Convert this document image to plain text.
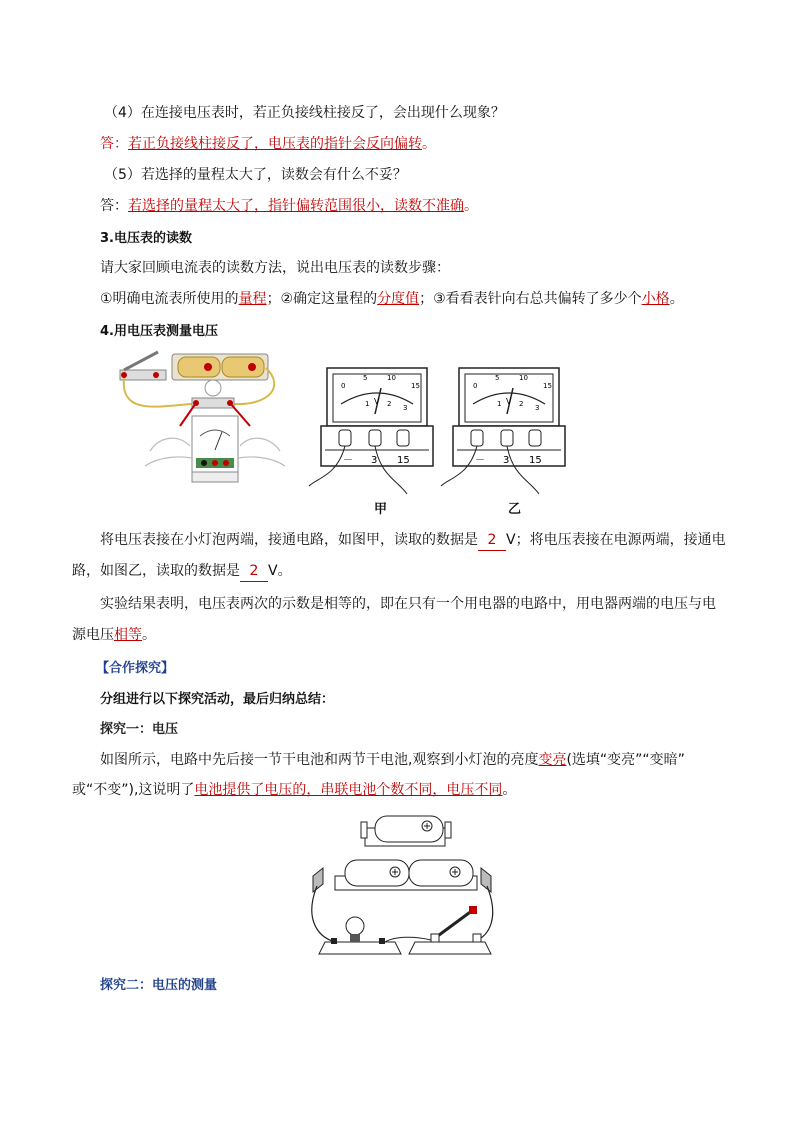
（4）在连接电压表时，若正负接线柱接反了，会出现什么现象？
答：若正负接线柱接反了，电压表的指针会反向偏转。
（5）若选择的量程太大了，读数会有什么不妥？
答：若选择的量程太大了，指针偏转范围很小，读数不准确。
3.电压表的读数
请大家回顾电流表的读数方法，说出电压表的读数步骤：
①明确电流表所使用的量程；②确定这量程的分度值；③看看表针向右总共偏转了多少个小格。
4.用电压表测量电压
0
5	10
15
1	2 3
V
－ 3 15
甲
0
5	10
15
1	2 3
V
－ 3 15
乙
将电压表接在小灯泡两端，接通电路，如图甲，读取的数据是 2 V；将电压表接在电源两端，接通电
路，如图乙，读取的数据是 2 V。
实验结果表明，电压表两次的示数是相等的，即在只有一个用电器的电路中，用电器两端的电压与电
源电压相等。
【合作探究】
分组进行以下探究活动，最后归纳总结：
探究一：电压
如图所示，电路中先后接一节干电池和两节干电池,观察到小灯泡的亮度变亮(选填“变亮”“变暗”
或“不变”),这说明了电池提供了电压的，串联电池个数不同，电压不同。
探究二：电压的测量
